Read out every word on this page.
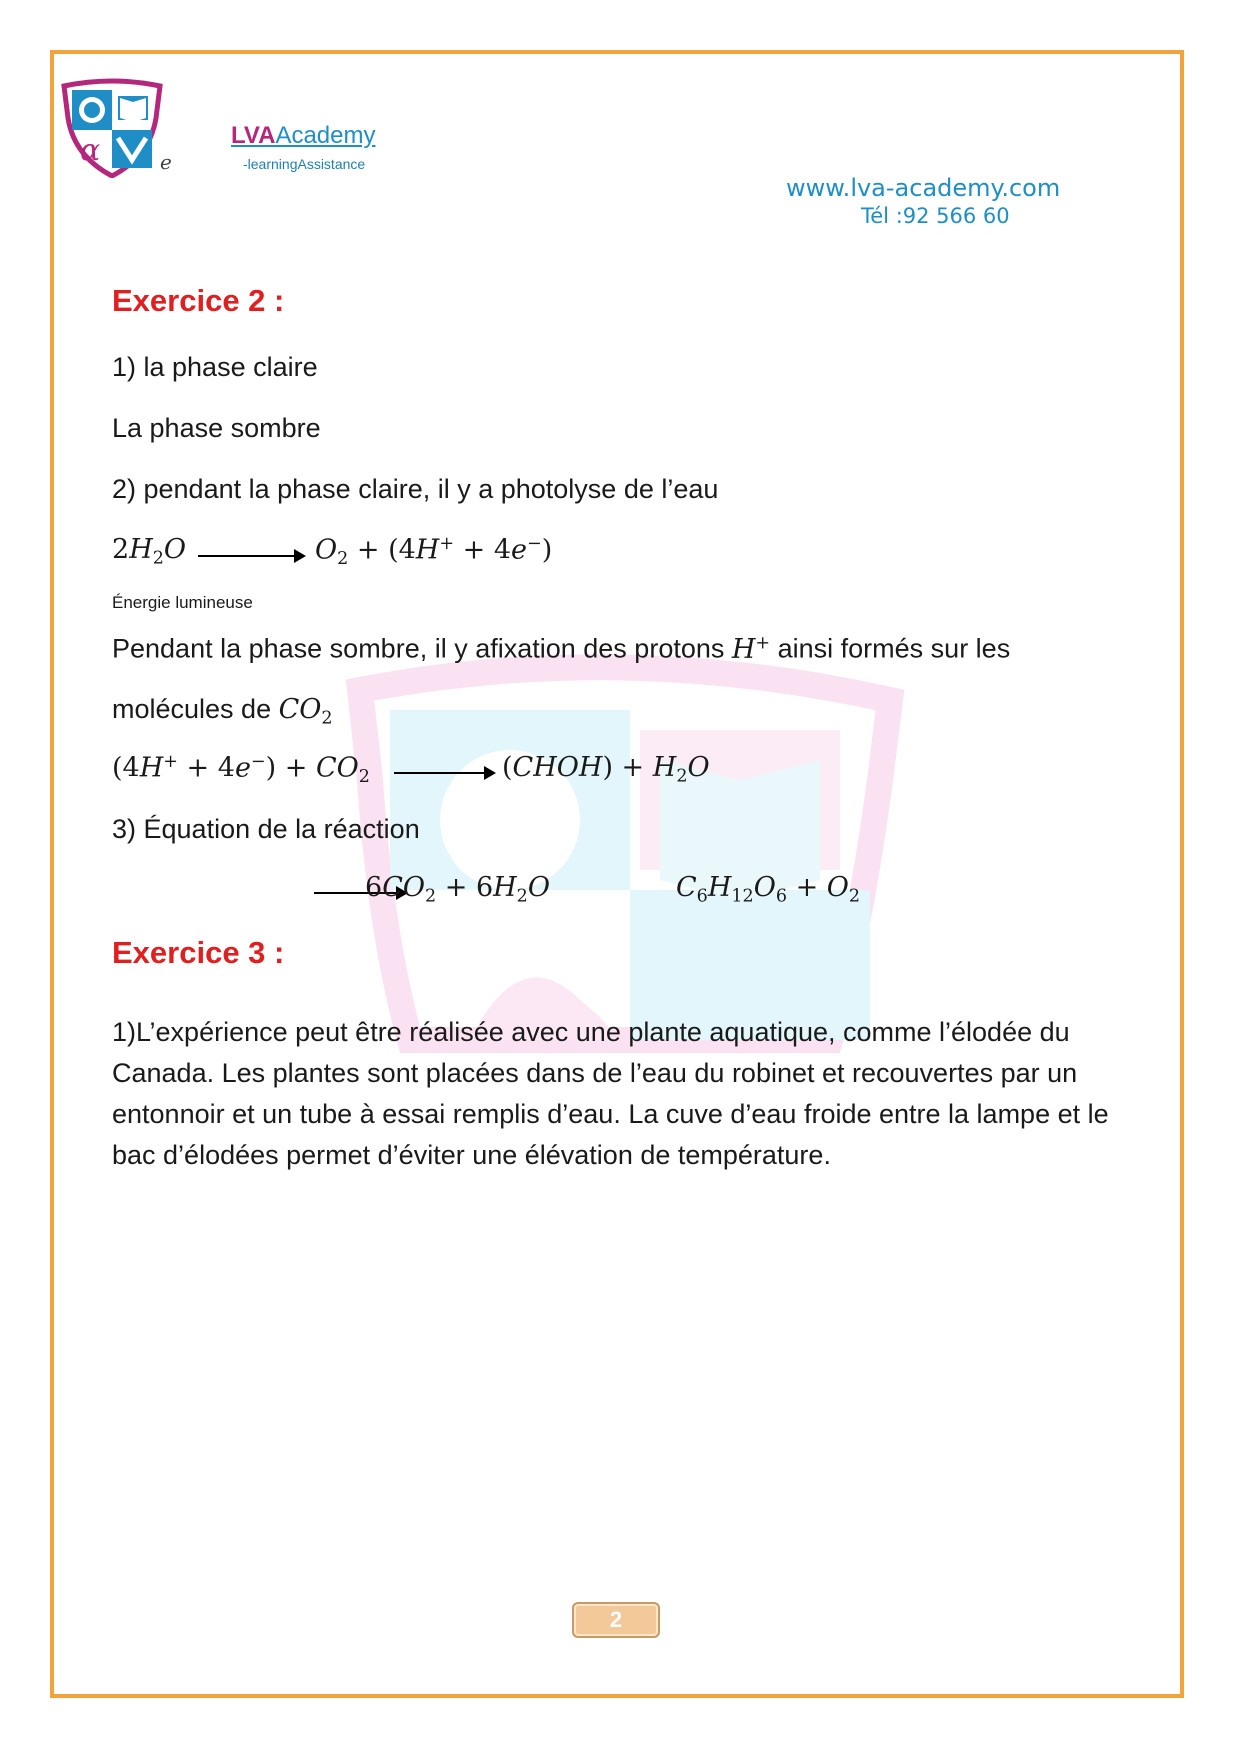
α	e
LVAAcademy
-learningAssistance
www.lva-academy.com
Tél :92 566 60
Exercice 2 :
1) la phase claire
La phase sombre
2) pendant la phase claire, il y a photolyse de l’eau
$2H_2O$	$O_2 + (4H^+ + 4e^-)$
Énergie lumineuse
Pendant la phase sombre, il y afixation des protons H+ ainsi formés sur les
molécules de $CO_2$
$(4H^+ + 4e^-) + CO_2$	(CHOH) + $H_2O$
3) Équation de la réaction
$6CO_2 + 6H_2O$	$C_6H_{12}O_6 + O_2$
Exercice 3 :
1)L’expérience peut être réalisée avec une plante aquatique, comme l’élodée du Canada. Les plantes sont placées dans de l’eau du robinet et recouvertes par un entonnoir et un tube à essai remplis d’eau. La cuve d’eau froide entre la lampe et le bac d’élodées permet d’éviter une élévation de température.
2
